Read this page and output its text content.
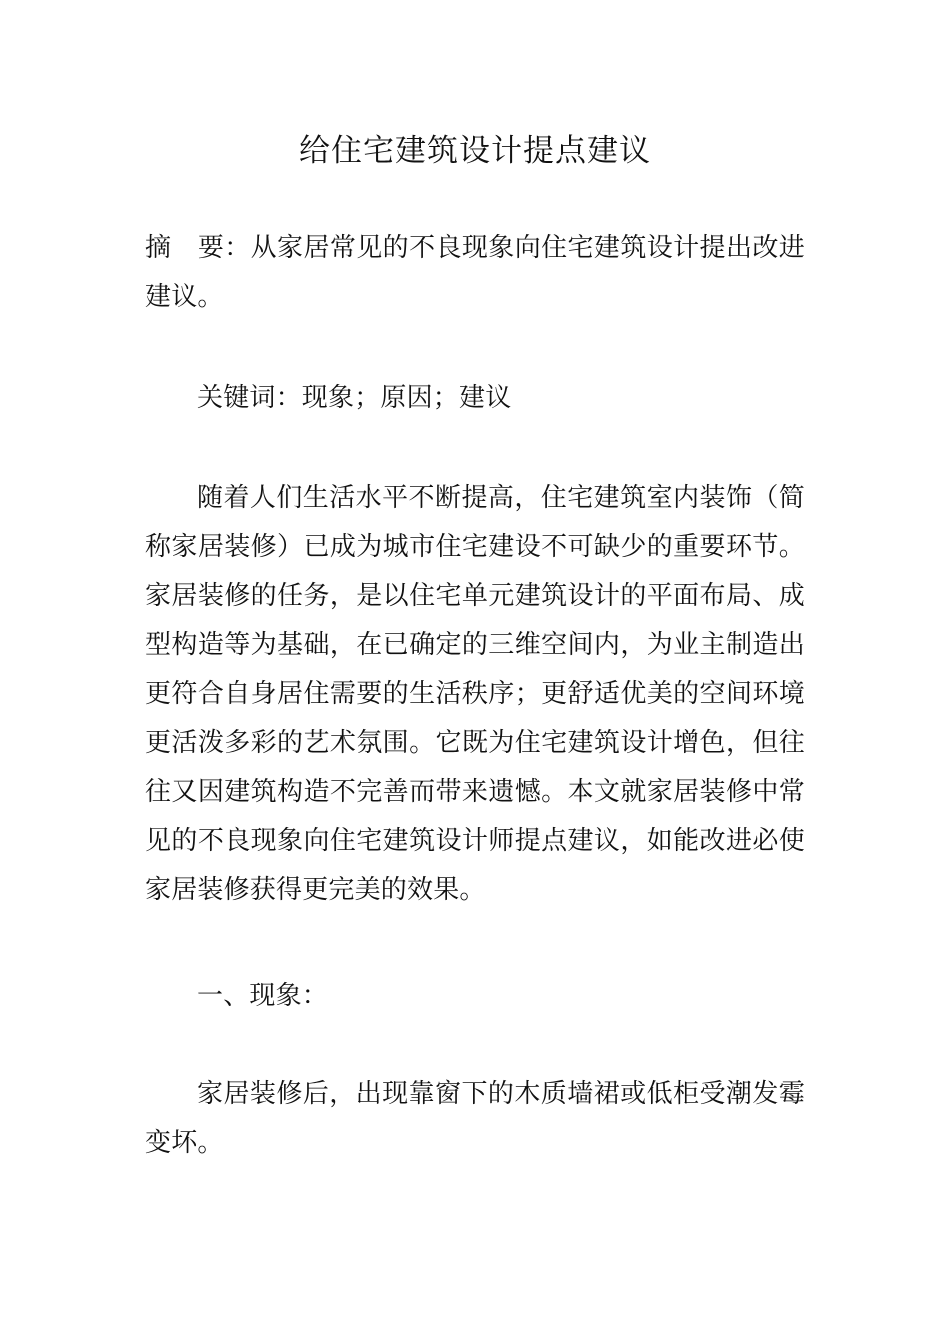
给住宅建筑设计提点建议

摘　要：从家居常见的不良现象向住宅建筑设计提出改进建议。

关键词：现象；原因；建议

随着人们生活水平不断提高，住宅建筑室内装饰（简称家居装修）已成为城市住宅建设不可缺少的重要环节。家居装修的任务，是以住宅单元建筑设计的平面布局、成型构造等为基础，在已确定的三维空间内，为业主制造出更符合自身居住需要的生活秩序；更舒适优美的空间环境更活泼多彩的艺术氛围。它既为住宅建筑设计增色，但往往又因建筑构造不完善而带来遗憾。本文就家居装修中常见的不良现象向住宅建筑设计师提点建议，如能改进必使家居装修获得更完美的效果。

一、现象：

家居装修后，出现靠窗下的木质墙裙或低柜受潮发霉变坏。
